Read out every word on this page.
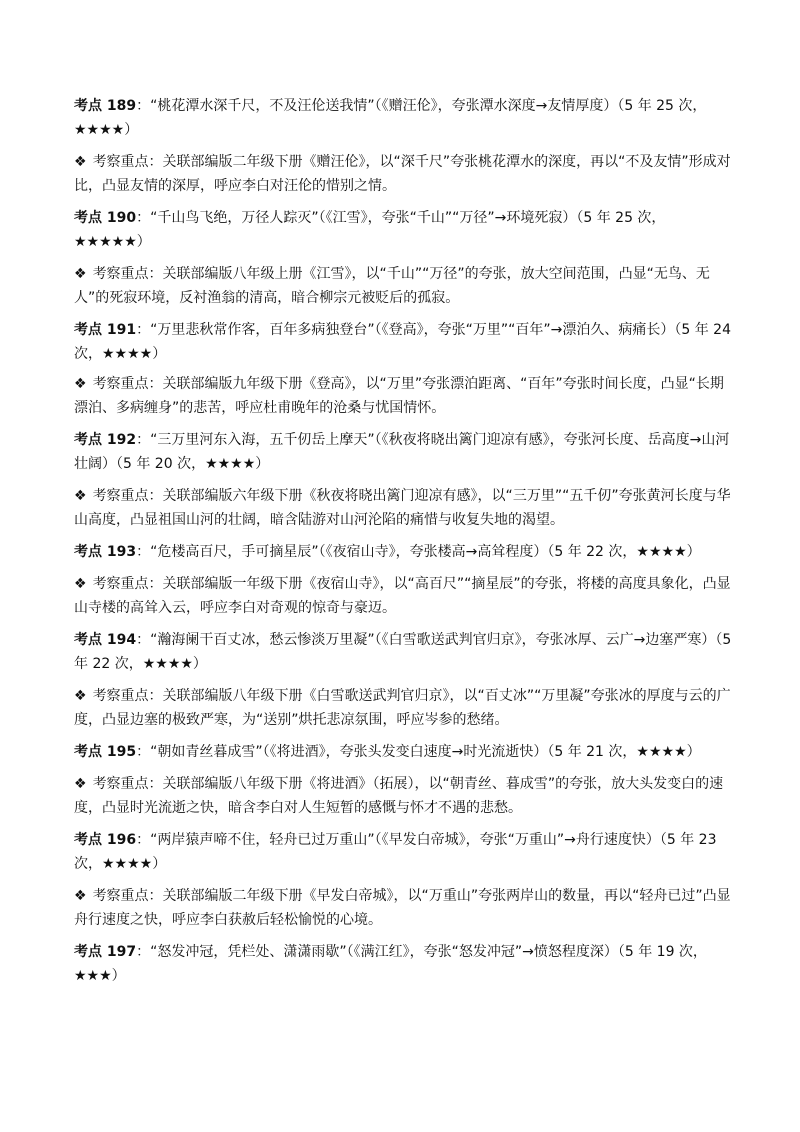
考点 189：“桃花潭水深千尺，不及汪伦送我情”（《赠汪伦》，夸张潭水深度→友情厚度）（5 年 25 次，★★★★）
❖ 考察重点：关联部编版二年级下册《赠汪伦》，以“深千尺”夸张桃花潭水的深度，再以“不及友情”形成对比，凸显友情的深厚，呼应李白对汪伦的惜别之情。
考点 190：“千山鸟飞绝，万径人踪灭”（《江雪》，夸张“千山”“万径”→环境死寂）（5 年 25 次，★★★★★）
❖ 考察重点：关联部编版八年级上册《江雪》，以“千山”“万径”的夸张，放大空间范围，凸显“无鸟、无人”的死寂环境，反衬渔翁的清高，暗合柳宗元被贬后的孤寂。
考点 191：“万里悲秋常作客，百年多病独登台”（《登高》，夸张“万里”“百年”→漂泊久、病痛长）（5 年 24 次，★★★★）
❖ 考察重点：关联部编版九年级下册《登高》，以“万里”夸张漂泊距离、“百年”夸张时间长度，凸显“长期漂泊、多病缠身”的悲苦，呼应杜甫晚年的沧桑与忧国情怀。
考点 192：“三万里河东入海，五千仞岳上摩天”（《秋夜将晓出篱门迎凉有感》，夸张河长度、岳高度→山河壮阔）（5 年 20 次，★★★★）
❖ 考察重点：关联部编版六年级下册《秋夜将晓出篱门迎凉有感》，以“三万里”“五千仞”夸张黄河长度与华山高度，凸显祖国山河的壮阔，暗含陆游对山河沦陷的痛惜与收复失地的渴望。
考点 193：“危楼高百尺，手可摘星辰”（《夜宿山寺》，夸张楼高→高耸程度）（5 年 22 次，★★★★）
❖ 考察重点：关联部编版一年级下册《夜宿山寺》，以“高百尺”“摘星辰”的夸张，将楼的高度具象化，凸显山寺楼的高耸入云，呼应李白对奇观的惊奇与豪迈。
考点 194：“瀚海阑干百丈冰，愁云惨淡万里凝”（《白雪歌送武判官归京》，夸张冰厚、云广→边塞严寒）（5 年 22 次，★★★★）
❖ 考察重点：关联部编版八年级下册《白雪歌送武判官归京》，以“百丈冰”“万里凝”夸张冰的厚度与云的广度，凸显边塞的极致严寒，为“送别”烘托悲凉氛围，呼应岑参的愁绪。
考点 195：“朝如青丝暮成雪”（《将进酒》，夸张头发变白速度→时光流逝快）（5 年 21 次，★★★★）
❖ 考察重点：关联部编版八年级下册《将进酒》（拓展），以“朝青丝、暮成雪”的夸张，放大头发变白的速度，凸显时光流逝之快，暗含李白对人生短暂的感慨与怀才不遇的悲愁。
考点 196：“两岸猿声啼不住，轻舟已过万重山”（《早发白帝城》，夸张“万重山”→舟行速度快）（5 年 23 次，★★★★）
❖ 考察重点：关联部编版二年级下册《早发白帝城》，以“万重山”夸张两岸山的数量，再以“轻舟已过”凸显舟行速度之快，呼应李白获赦后轻松愉悦的心境。
考点 197：“怒发冲冠，凭栏处、潇潇雨歇”（《满江红》，夸张“怒发冲冠”→愤怒程度深）（5 年 19 次，★★★）
